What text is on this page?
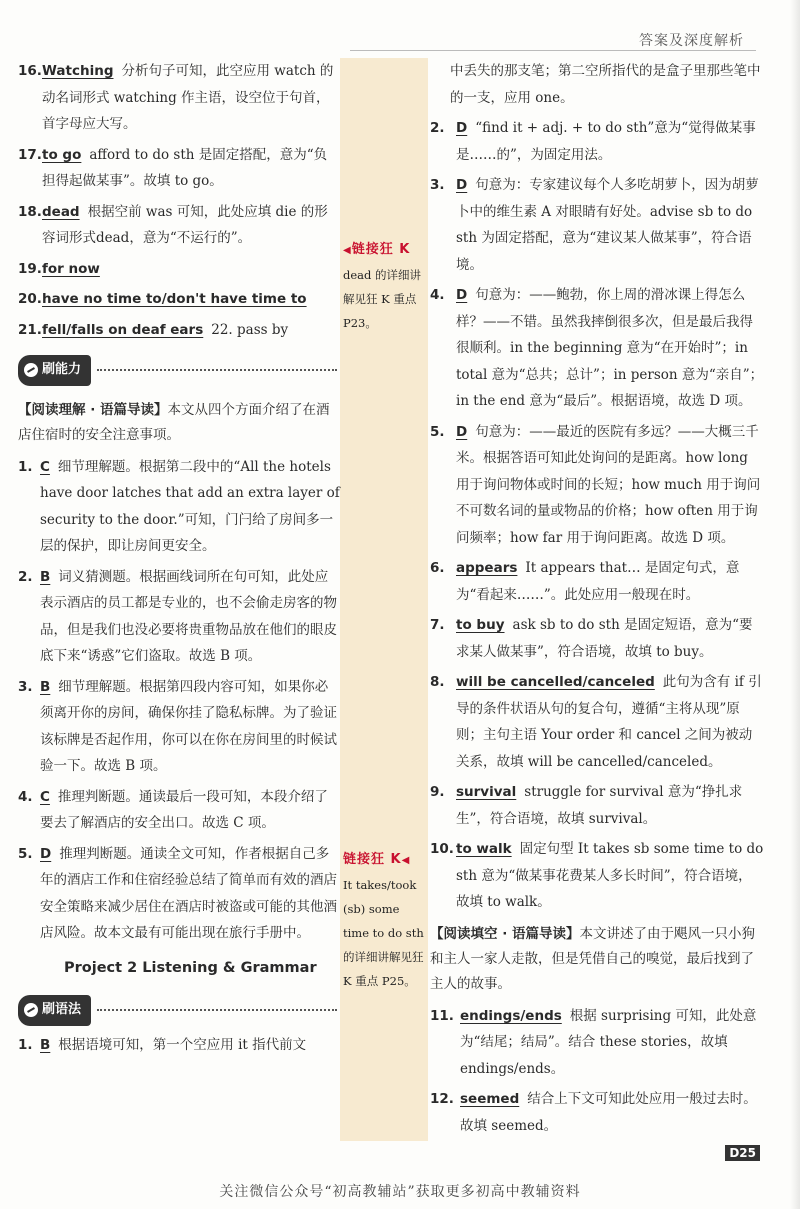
答案及深度解析
16. Watching 分析句子可知，此空应用 watch 的动名词形式 watching 作主语，设空位于句首，首字母应大写。
17. to go afford to do sth 是固定搭配，意为“负担得起做某事”。故填 to go。
18. dead 根据空前 was 可知，此处应填 die 的形容词形式dead，意为“不运行的”。
19. for now
20. have no time to/don't have time to
21. fell/falls on deaf ears 22. pass by
刷能力
【阅读理解 · 语篇导读】本文从四个方面介绍了在酒店住宿时的安全注意事项。
1. C 细节理解题。根据第二段中的“All the hotels have door latches that add an extra layer of security to the door.”可知，门闩给了房间多一层的保护，即让房间更安全。
2. B 词义猜测题。根据画线词所在句可知，此处应表示酒店的员工都是专业的，也不会偷走房客的物品，但是我们也没必要将贵重物品放在他们的眼皮底下来“诱惑”它们盗取。故选 B 项。
3. B 细节理解题。根据第四段内容可知，如果你必须离开你的房间，确保你挂了隐私标牌。为了验证该标牌是否起作用，你可以在你在房间里的时候试验一下。故选 B 项。
4. C 推理判断题。通读最后一段可知，本段介绍了要去了解酒店的安全出口。故选 C 项。
5. D 推理判断题。通读全文可知，作者根据自己多年的酒店工作和住宿经验总结了简单而有效的酒店安全策略来减少居住在酒店时被盗或可能的其他酒店风险。故本文最有可能出现在旅行手册中。
Project 2 Listening & Grammar
刷语法
1. B 根据语境可知，第一个空应用 it 指代前文
◀链接狂 K
dead 的详细讲解见狂 K 重点 P23。
链接狂 K◀
It takes/took (sb) some time to do sth 的详细讲解见狂 K 重点 P25。
中丢失的那支笔；第二空所指代的是盒子里那些笔中的一支，应用 one。
2. D “find it + adj. + to do sth”意为“觉得做某事是……的”，为固定用法。
3. D 句意为：专家建议每个人多吃胡萝卜，因为胡萝卜中的维生素 A 对眼睛有好处。advise sb to do sth 为固定搭配，意为“建议某人做某事”，符合语境。
4. D 句意为：——鲍勃，你上周的滑冰课上得怎么样？——不错。虽然我摔倒很多次，但是最后我得很顺利。in the beginning 意为“在开始时”；in total 意为“总共；总计”；in person 意为“亲自”；in the end 意为“最后”。根据语境，故选 D 项。
5. D 句意为：——最近的医院有多远？——大概三千米。根据答语可知此处询问的是距离。how long 用于询问物体或时间的长短；how much 用于询问不可数名词的量或物品的价格；how often 用于询问频率；how far 用于询问距离。故选 D 项。
6. appears It appears that… 是固定句式，意为“看起来……”。此处应用一般现在时。
7. to buy ask sb to do sth 是固定短语，意为“要求某人做某事”，符合语境，故填 to buy。
8. will be cancelled/canceled 此句为含有 if 引导的条件状语从句的复合句，遵循“主将从现”原则；主句主语 Your order 和 cancel 之间为被动关系，故填 will be cancelled/canceled。
9. survival struggle for survival 意为“挣扎求生”，符合语境，故填 survival。
10. to walk 固定句型 It takes sb some time to do sth 意为“做某事花费某人多长时间”，符合语境，故填 to walk。
【阅读填空 · 语篇导读】本文讲述了由于飓风一只小狗和主人一家人走散，但是凭借自己的嗅觉，最后找到了主人的故事。
11. endings/ends 根据 surprising 可知，此处意为“结尾；结局”。结合 these stories，故填 endings/ends。
12. seemed 结合上下文可知此处应用一般过去时。故填 seemed。
D25
关注微信公众号“初高教辅站”获取更多初高中教辅资料
